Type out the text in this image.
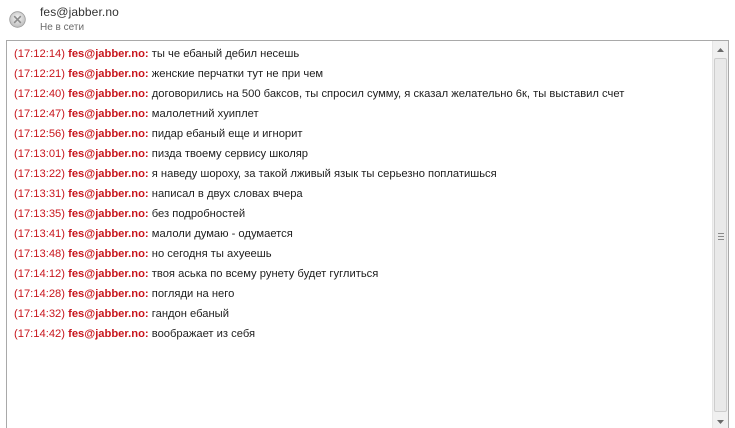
fes@jabber.no
Не в сети
(17:12:14) fes@jabber.no: ты че ебаный дебил несешь
(17:12:21) fes@jabber.no: женские перчатки тут не при чем
(17:12:40) fes@jabber.no: договорились на 500 баксов, ты спросил сумму, я сказал желательно 6к, ты выставил счет
(17:12:47) fes@jabber.no: малолетний хуиплет
(17:12:56) fes@jabber.no: пидар ебаный еще и игнорит
(17:13:01) fes@jabber.no: пизда твоему сервису школяр
(17:13:22) fes@jabber.no: я наведу шороху, за такой лживый язык ты серьезно поплатишься
(17:13:31) fes@jabber.no: написал в двух словах вчера
(17:13:35) fes@jabber.no: без подробностей
(17:13:41) fes@jabber.no: малоли думаю - одумается
(17:13:48) fes@jabber.no: но сегодня ты ахуеешь
(17:14:12) fes@jabber.no: твоя аська по всему рунету будет гуглиться
(17:14:28) fes@jabber.no: погляди на него
(17:14:32) fes@jabber.no: гандон ебаный
(17:14:42) fes@jabber.no: воображает из себя
